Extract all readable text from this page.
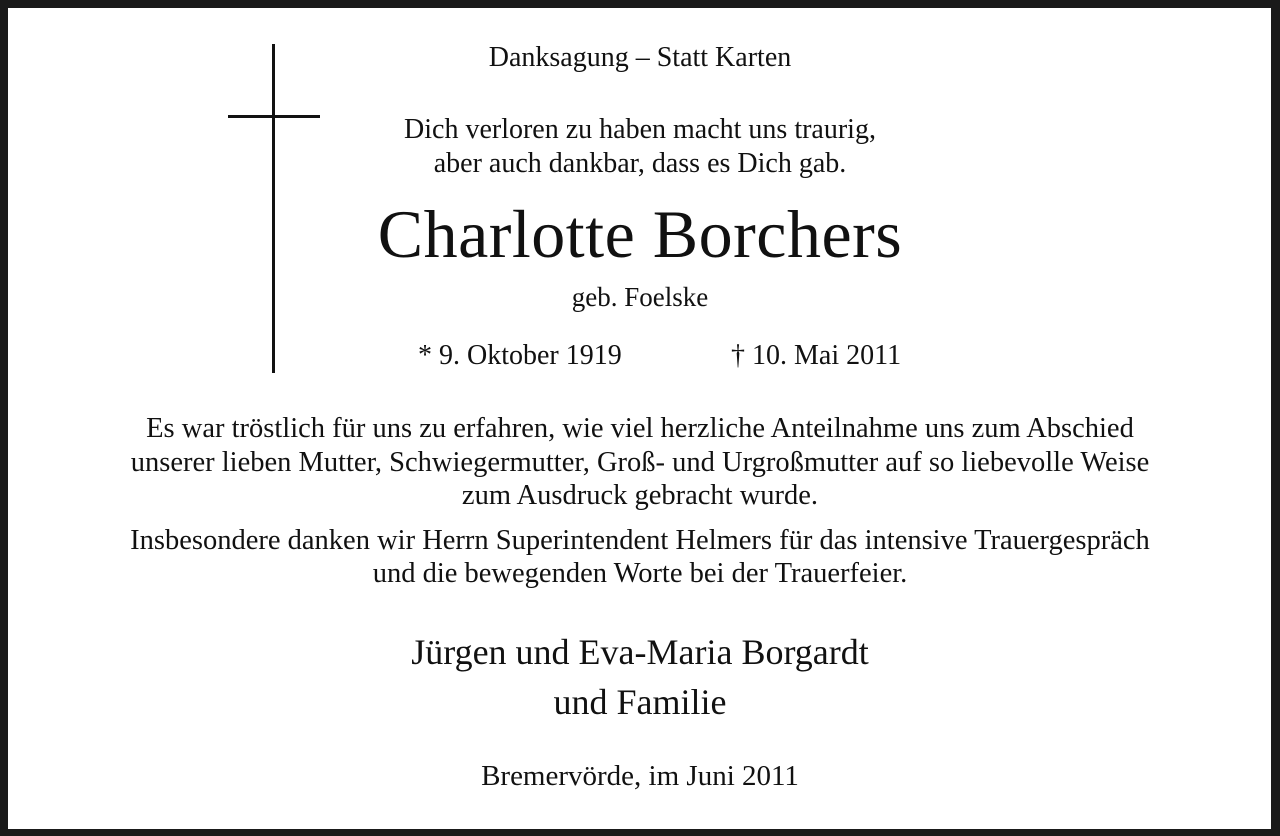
Danksagung – Statt Karten
Dich verloren zu haben macht uns traurig,
aber auch dankbar, dass es Dich gab.
Charlotte Borchers
geb. Foelske
* 9. Oktober 1919	† 10. Mai 2011
Es war tröstlich für uns zu erfahren, wie viel herzliche Anteilnahme uns zum Abschied
unserer lieben Mutter, Schwiegermutter, Groß- und Urgroßmutter auf so liebevolle Weise
zum Ausdruck gebracht wurde.
Insbesondere danken wir Herrn Superintendent Helmers für das intensive Trauergespräch
und die bewegenden Worte bei der Trauerfeier.
Jürgen und Eva-Maria Borgardt
und Familie
Bremervörde, im Juni 2011
